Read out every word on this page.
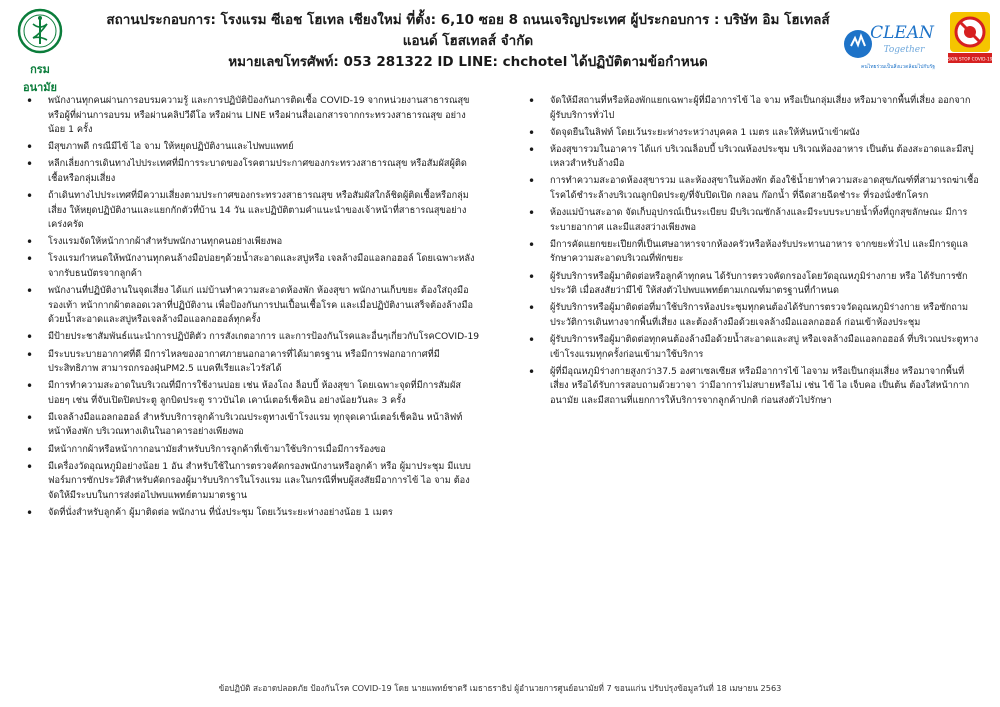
กรมอนามัย
สถานประกอบการ: โรงแรม ซีเอช โฮเทล เชียงใหม่ ที่ตั้ง: 6,10 ซอย 8 ถนนเจริญประเทศ ผู้ประกอบการ : บริษัท อิม โฮเทลส์
แอนด์ โฮสเทลส์ จำกัด
หมายเลขโทรศัพท์: 053 281322 ID LINE: chchotel ได้ปฏิบัติตามข้อกำหนด
CLEAN
Together
คนไทยร่วมเป็นสิ่งแวดล้อมไปกับรัฐ
SKIN STOP COVID-19
• พนักงานทุกคนผ่านการอบรมความรู้ และการปฏิบัติป้องกันการติดเชื้อ COVID-19 จากหน่วยงานสาธารณสุขหรือผู้ที่ผ่านการอบรม หรือผ่านคลิปวีดีโอ หรือผ่าน LINE หรือผ่านสื่อเอกสารจากกระทรวงสาธารณสุข อย่างน้อย 1 ครั้ง
• มีสุขภาพดี กรณีมีไข้ ไอ จาม ให้หยุดปฏิบัติงานและไปพบแพทย์
• หลีกเลี่ยงการเดินทางไปประเทศที่มีการระบาดของโรคตามประกาศของกระทรวงสาธารณสุข หรือสัมผัสผู้ติดเชื้อหรือกลุ่มเสี่ยง
• ถ้าเดินทางไปประเทศที่มีความเสี่ยงตามประกาศของกระทรวงสาธารณสุข หรือสัมผัสใกล้ชิดผู้ติดเชื้อหรือกลุ่มเสี่ยง ให้หยุดปฏิบัติงานและแยกกักตัวที่บ้าน 14 วัน และปฏิบัติตามคำแนะนำของเจ้าหน้าที่สาธารณสุขอย่างเคร่งครัด
• โรงแรมจัดให้หน้ากากผ้าสำหรับพนักงานทุกคนอย่างเพียงพอ
• โรงแรมกำหนดให้พนักงานทุกคนล้างมือบ่อยๆด้วยน้ำสะอาดและสบู่หรือ เจลล้างมือแอลกอฮอล์ โดยเฉพาะหลังจากรับธนบัตรจากลูกค้า
• พนักงานที่ปฏิบัติงานในจุดเสี่ยง ได้แก่ แม่บ้านทำความสะอาดห้องพัก ห้องสุขา พนักงานเก็บขยะ ต้องใส่ถุงมือ รองเท้า หน้ากากผ้าตลอดเวลาที่ปฏิบัติงาน เพื่อป้องกันการปนเปื้อนเชื้อโรค และเมื่อปฏิบัติงานเสร็จต้องล้างมือด้วยน้ำสะอาดและสบู่หรือเจลล้างมือแอลกอฮอล์ทุกครั้ง
• มีป้ายประชาสัมพันธ์แนะนำการปฏิบัติตัว การสังเกตอาการ และการป้องกันโรคและอื่นๆเกี่ยวกับโรคCOVID-19
• มีระบบระบายอากาศที่ดี มีการไหลของอากาศภายนอกอาคารที่ได้มาตรฐาน หรือมีการฟอกอากาศที่มีประสิทธิภาพ สามารถกรองฝุ่นPM2.5 แบคทีเรียและไวรัสได้
• มีการทำความสะอาดในบริเวณที่มีการใช้งานบ่อย เช่น ห้องโถง ล็อบบี้ ห้องสุขา โดยเฉพาะจุดที่มีการสัมผัสบ่อยๆ เช่น ที่จับเปิดปิดประตู ลูกบิดประตู ราวบันได เคาน์เตอร์เช็คอิน อย่างน้อยวันละ 3 ครั้ง
• มีเจลล้างมือแอลกอฮอล์ สำหรับบริการลูกค้าบริเวณประตูทางเข้าโรงแรม ทุกจุดเคาน์เตอร์เช็คอิน หน้าลิฟท์ หน้าห้องพัก บริเวณทางเดินในอาคารอย่างเพียงพอ
• มีหน้ากากผ้าหรือหน้ากากอนามัยสำหรับบริการลูกค้าที่เข้ามาใช้บริการเมื่อมีการร้องขอ
• มีเครื่องวัดอุณหภูมิอย่างน้อย 1 อัน สำหรับใช้ในการตรวจคัดกรองพนักงานหรือลูกค้า หรือ ผู้มาประชุม มีแบบฟอร์มการซักประวัติสำหรับคัดกรองผู้มารับบริการในโรงแรม และในกรณีที่พบผู้สงสัยมีอาการไข้ ไอ จาม ต้องจัดให้มีระบบในการส่งต่อไปพบแพทย์ตามมาตรฐาน
• จัดที่นั่งสำหรับลูกค้า ผู้มาติดต่อ พนักงาน ที่นั่งประชุม โดยเว้นระยะห่างอย่างน้อย 1 เมตร
• จัดให้มีสถานที่หรือห้องพักแยกเฉพาะผู้ที่มีอาการไข้ ไอ จาม หรือเป็นกลุ่มเสี่ยง หรือมาจากพื้นที่เสี่ยง ออกจากผู้รับบริการทั่วไป
• จัดจุดยืนในลิฟท์ โดยเว้นระยะห่างระหว่างบุคคล 1 เมตร และให้หันหน้าเข้าผนัง
• ห้องสุขารวมในอาคาร ได้แก่ บริเวณล็อบบี้ บริเวณห้องประชุม บริเวณห้องอาหาร เป็นต้น ต้องสะอาดและมีสบู่เหลวสำหรับล้างมือ
• การทำความสะอาดห้องสุขารวม และห้องสุขาในห้องพัก ต้องใช้น้ำยาทำความสะอาดสุขภัณฑ์ที่สามารถฆ่าเชื้อโรคได้ชำระล้างบริเวณลูกบิดประตู/ที่จับปิดเปิด กลอน ก๊อกน้ำ ที่ฉีดสายฉีดชำระ ที่รองนั่งชักโครก
• ห้องแม่บ้านสะอาด จัดเก็บอุปกรณ์เป็นระเบียบ มีบริเวณซักล้างและมีระบบระบายน้ำทิ้งที่ถูกสุขลักษณะ มีการระบายอากาศ และมีแสงสว่างเพียงพอ
• มีการคัดแยกขยะเปียกที่เป็นเศษอาหารจากห้องครัวหรือห้องรับประทานอาหาร จากขยะทั่วไป และมีการดูแลรักษาความสะอาดบริเวณที่พักขยะ
• ผู้รับบริการหรือผู้มาติดต่อหรือลูกค้าทุกคน ได้รับการตรวจคัดกรองโดยวัดอุณหภูมิร่างกาย หรือ ได้รับการซักประวัติ เมื่อสงสัยว่ามีไข้ ให้ส่งตัวไปพบแพทย์ตามเกณฑ์มาตรฐานที่กำหนด
• ผู้รับบริการหรือผู้มาติดต่อที่มาใช้บริการห้องประชุมทุกคนต้องได้รับการตรวจวัดอุณหภูมิร่างกาย หรือซักถามประวัติการเดินทางจากพื้นที่เสี่ยง และต้องล้างมือด้วยเจลล้างมือแอลกอฮอล์ ก่อนเข้าห้องประชุม
• ผู้รับบริการหรือผู้มาติดต่อทุกคนต้องล้างมือด้วยน้ำสะอาดและสบู่ หรือเจลล้างมือแอลกอฮอล์ ที่บริเวณประตูทางเข้าโรงแรมทุกครั้งก่อนเข้ามาใช้บริการ
• ผู้ที่มีอุณหภูมิร่างกายสูงกว่า37.5 องศาเซลเซียส หรือมีอาการไข้ ไอจาม หรือเป็นกลุ่มเสี่ยง หรือมาจากพื้นที่เสี่ยง หรือได้รับการสอบถามด้วยวาจา ว่ามีอาการไม่สบายหรือไม่ เช่น ไข้ ไอ เจ็บคอ เป็นต้น ต้องใส่หน้ากากอนามัย และมีสถานที่แยกการให้บริการจากลูกค้าปกติ ก่อนส่งตัวไปรักษา
ข้อปฏิบัติ สะอาดปลอดภัย ป้องกันโรค COVID-19 โดย นายแพทย์ชาตรี เมธาธราธิป ผู้อำนวยการศูนย์อนามัยที่ 7 ขอนแก่น ปรับปรุงข้อมูลวันที่ 18 เมษายน 2563
